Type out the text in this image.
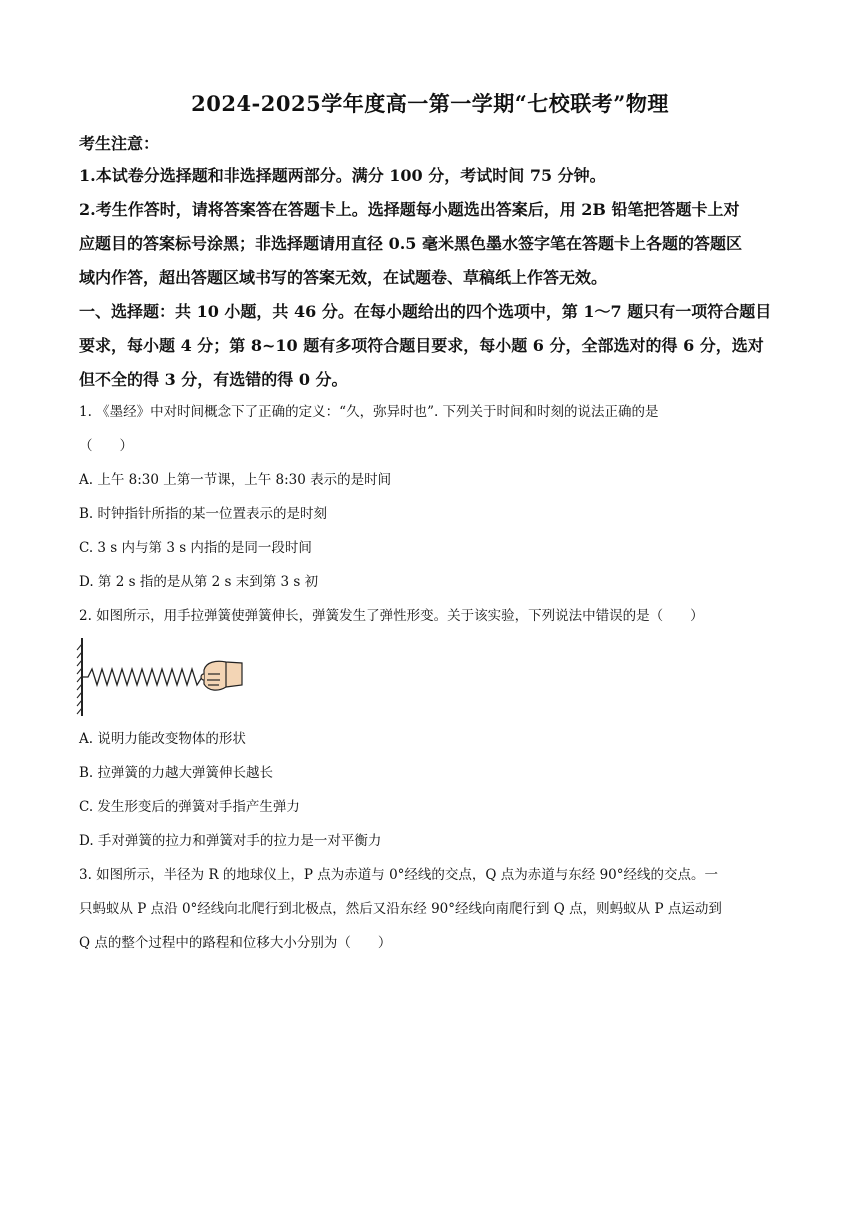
2024-2025学年度高一第一学期“七校联考”物理
考生注意：
1.本试卷分选择题和非选择题两部分。满分 100 分，考试时间 75 分钟。
2.考生作答时，请将答案答在答题卡上。选择题每小题选出答案后，用 2B 铅笔把答题卡上对
应题目的答案标号涂黑；非选择题请用直径 0.5 毫米黑色墨水签字笔在答题卡上各题的答题区
域内作答，超出答题区域书写的答案无效，在试题卷、草稿纸上作答无效。
一、选择题：共 10 小题，共 46 分。在每小题给出的四个选项中，第 1～7 题只有一项符合题目
要求，每小题 4 分；第 8~10 题有多项符合题目要求，每小题 6 分，全部选对的得 6 分，选对
但不全的得 3 分，有选错的得 0 分。
1. 《墨经》中对时间概念下了正确的定义：“久，弥异时也”. 下列关于时间和时刻的说法正确的是
（　　）
A. 上午 8:30 上第一节课，上午 8:30 表示的是时间
B. 时钟指针所指的某一位置表示的是时刻
C. 3 s 内与第 3 s 内指的是同一段时间
D. 第 2 s 指的是从第 2 s 末到第 3 s 初
2. 如图所示，用手拉弹簧使弹簧伸长，弹簧发生了弹性形变。关于该实验，下列说法中错误的是（　　）
A. 说明力能改变物体的形状
B. 拉弹簧的力越大弹簧伸长越长
C. 发生形变后的弹簧对手指产生弹力
D. 手对弹簧的拉力和弹簧对手的拉力是一对平衡力
3. 如图所示，半径为 R 的地球仪上，P 点为赤道与 0°经线的交点，Q 点为赤道与东经 90°经线的交点。一
只蚂蚁从 P 点沿 0°经线向北爬行到北极点，然后又沿东经 90°经线向南爬行到 Q 点，则蚂蚁从 P 点运动到
Q 点的整个过程中的路程和位移大小分别为（　　）
